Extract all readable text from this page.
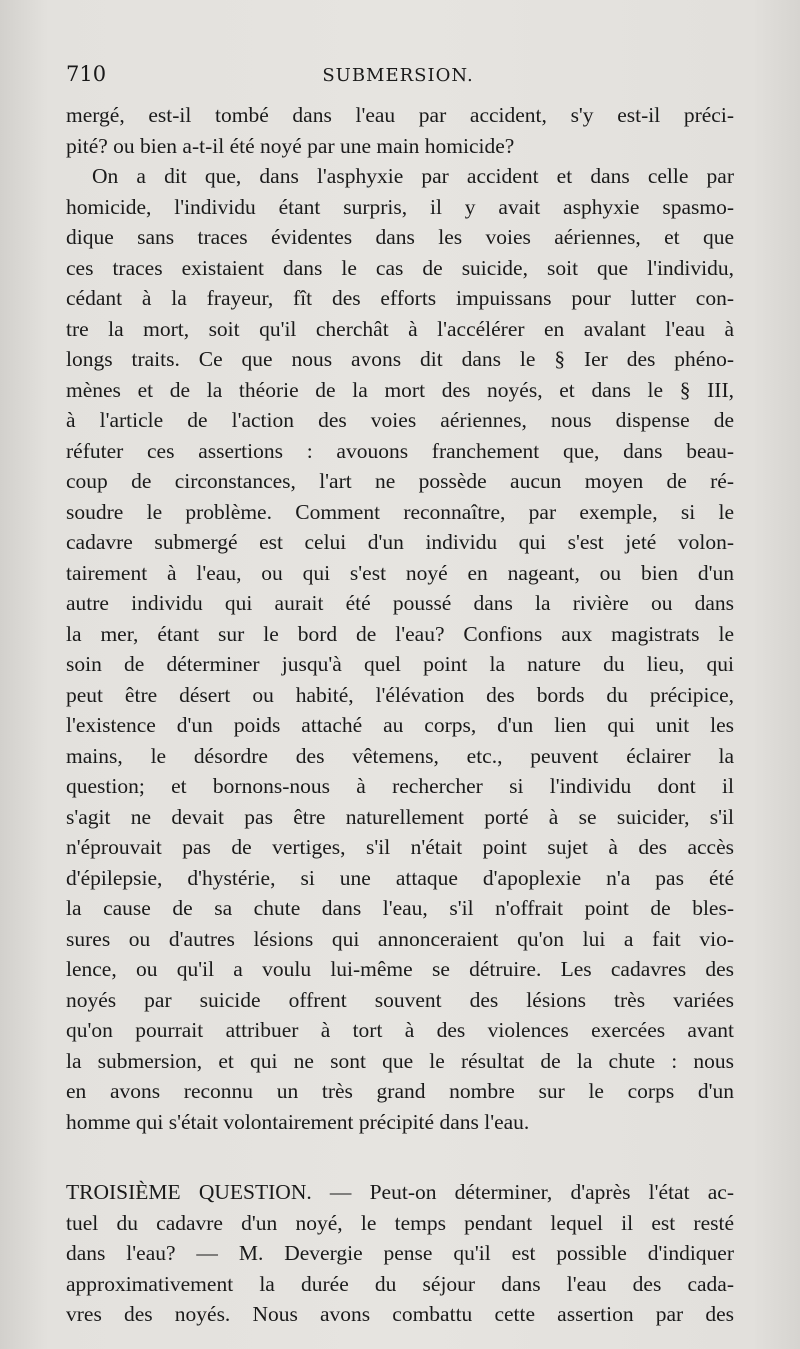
710	SUBMERSION.
mergé, est-il tombé dans l'eau par accident, s'y est-il préci-
pité? ou bien a-t-il été noyé par une main homicide?
On a dit que, dans l'asphyxie par accident et dans celle par
homicide, l'individu étant surpris, il y avait asphyxie spasmo-
dique sans traces évidentes dans les voies aériennes, et que
ces traces existaient dans le cas de suicide, soit que l'individu,
cédant à la frayeur, fît des efforts impuissans pour lutter con-
tre la mort, soit qu'il cherchât à l'accélérer en avalant l'eau à
longs traits. Ce que nous avons dit dans le § Ier des phéno-
mènes et de la théorie de la mort des noyés, et dans le § III,
à l'article de l'action des voies aériennes, nous dispense de
réfuter ces assertions : avouons franchement que, dans beau-
coup de circonstances, l'art ne possède aucun moyen de ré-
soudre le problème. Comment reconnaître, par exemple, si le
cadavre submergé est celui d'un individu qui s'est jeté volon-
tairement à l'eau, ou qui s'est noyé en nageant, ou bien d'un
autre individu qui aurait été poussé dans la rivière ou dans
la mer, étant sur le bord de l'eau? Confions aux magistrats le
soin de déterminer jusqu'à quel point la nature du lieu, qui
peut être désert ou habité, l'élévation des bords du précipice,
l'existence d'un poids attaché au corps, d'un lien qui unit les
mains, le désordre des vêtemens, etc., peuvent éclairer la
question; et bornons-nous à rechercher si l'individu dont il
s'agit ne devait pas être naturellement porté à se suicider, s'il
n'éprouvait pas de vertiges, s'il n'était point sujet à des accès
d'épilepsie, d'hystérie, si une attaque d'apoplexie n'a pas été
la cause de sa chute dans l'eau, s'il n'offrait point de bles-
sures ou d'autres lésions qui annonceraient qu'on lui a fait vio-
lence, ou qu'il a voulu lui-même se détruire. Les cadavres des
noyés par suicide offrent souvent des lésions très variées
qu'on pourrait attribuer à tort à des violences exercées avant
la submersion, et qui ne sont que le résultat de la chute : nous
en avons reconnu un très grand nombre sur le corps d'un
homme qui s'était volontairement précipité dans l'eau.
TROISIÈME QUESTION. — Peut-on déterminer, d'après l'état ac-
tuel du cadavre d'un noyé, le temps pendant lequel il est resté
dans l'eau? — M. Devergie pense qu'il est possible d'indiquer
approximativement la durée du séjour dans l'eau des cada-
vres des noyés. Nous avons combattu cette assertion par des
